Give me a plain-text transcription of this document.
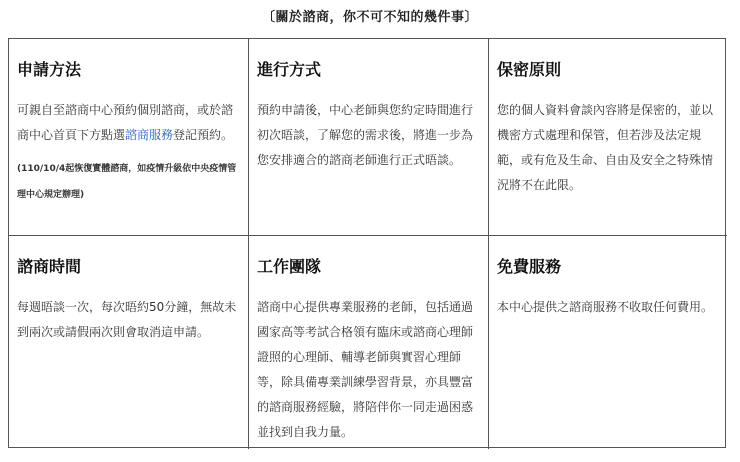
〔關於諮商，你不可不知的幾件事〕
申請方法

可親自至諮商中心預約個別諮商，或於諮商中心首頁下方點選諮商服務登記預約。

(110/10/4起恢復實體諮商，如疫情升級依中央疫情管理中心規定辦理)

進行方式

預約申請後，中心老師與您約定時間進行初次晤談，了解您的需求後，將進一步為您安排適合的諮商老師進行正式晤談。

保密原則

您的個人資料會談內容將是保密的，並以機密方式處理和保管，但若涉及法定規範，或有危及生命、自由及安全之特殊情況將不在此限。

諮商時間

每週晤談一次，每次晤約50分鐘，無故未到兩次或請假兩次則會取消這申請。

工作團隊

諮商中心提供專業服務的老師，包括通過國家高等考試合格領有臨床或諮商心理師證照的心理師、輔導老師與實習心理師等，除具備專業訓練學習背景，亦具豐富的諮商服務經驗，將陪伴你一同走過困惑並找到自我力量。

免費服務

本中心提供之諮商服務不收取任何費用。
